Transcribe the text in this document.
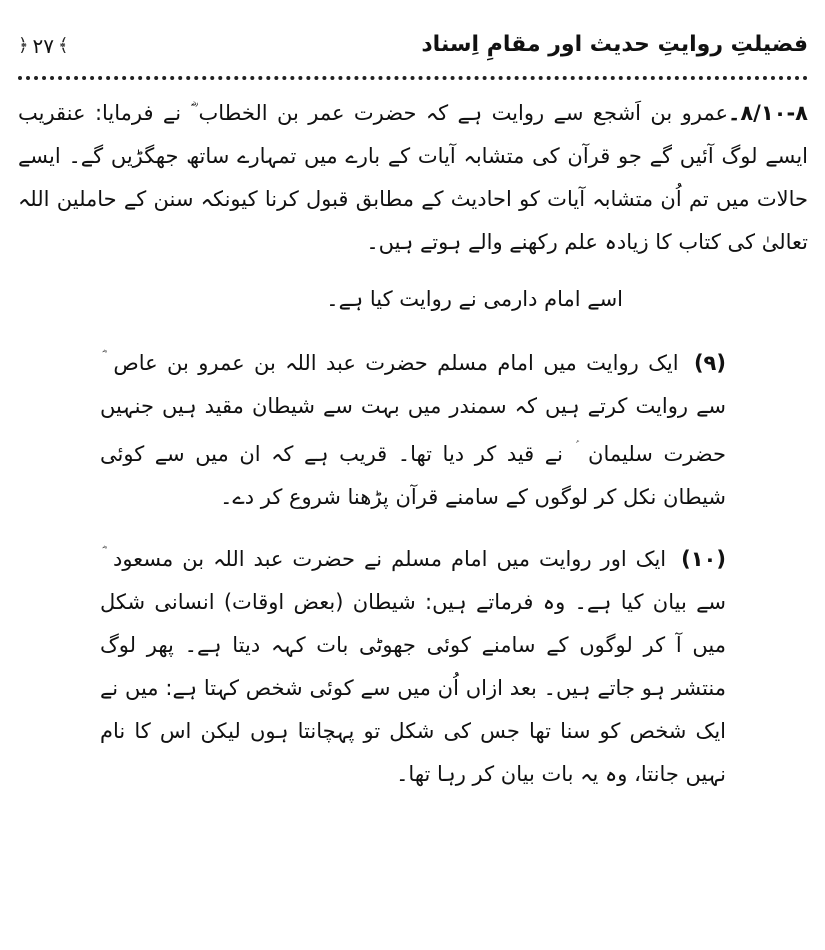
فضیلتِ روایتِ حدیث اور مقامِ اِسناد
﴿ ۲۷ ﴾

۸/۱۰-۸۔عمرو بن اَشجع سے روایت ہے کہ حضرت عمر بن الخطاب ؓ نے فرمایا: عنقریب ایسے لوگ آئیں گے جو قرآن کی متشابہ آیات کے بارے میں تمہارے ساتھ جھگڑیں گے۔ ایسے حالات میں تم اُن متشابہ آیات کو احادیث کے مطابق قبول کرنا کیونکہ سنن کے حاملین اللہ تعالیٰ کی کتاب کا زیادہ علم رکھنے والے ہوتے ہیں۔

اسے امام دارمی نے روایت کیا ہے۔

(۹) ایک روایت میں امام مسلم حضرت عبد اللہ بن عمرو بن عاص سے روایت کرتے ہیں کہ سمندر میں بہت سے شیطان مقید ہیں جنہیں حضرت سلیمان نے قید کر دیا تھا۔ قریب ہے کہ ان میں سے کوئی شیطان نکل کر لوگوں کے سامنے قرآن پڑھنا شروع کر دے۔

(۱۰) ایک اور روایت میں امام مسلم نے حضرت عبد اللہ بن مسعود سے بیان کیا ہے۔ وہ فرماتے ہیں: شیطان (بعض اوقات) انسانی شکل میں آ کر لوگوں کے سامنے کوئی جھوٹی بات کہہ دیتا ہے۔ پھر لوگ منتشر ہو جاتے ہیں۔ بعد ازاں اُن میں سے کوئی شخص کہتا ہے: میں نے ایک شخص کو سنا تھا جس کی شکل تو پہچانتا ہوں لیکن اس کا نام نہیں جانتا، وہ یہ بات بیان کر رہا تھا۔
